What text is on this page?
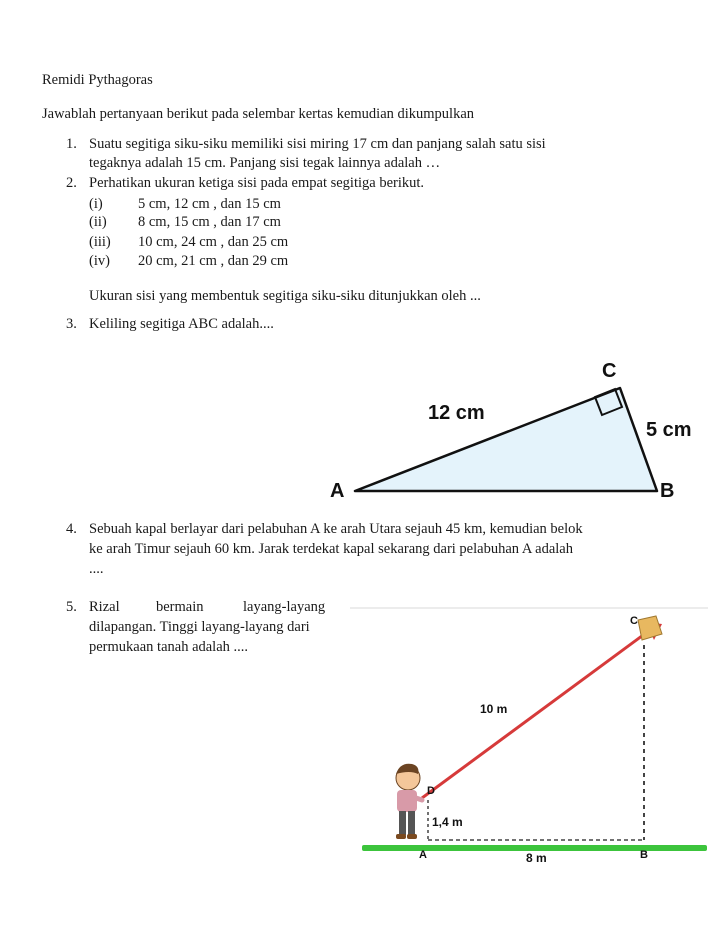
Remidi Pythagoras
Jawablah pertanyaan berikut pada selembar kertas kemudian dikumpulkan
1. Suatu segitiga siku-siku memiliki sisi miring 17 cm dan panjang salah satu sisi
tegaknya adalah 15 cm. Panjang sisi tegak lainnya adalah …
2. Perhatikan ukuran ketiga sisi pada empat segitiga berikut.
(i) 5 cm, 12 cm , dan 15 cm
(ii) 8 cm, 15 cm , dan 17 cm
(iii) 10 cm, 24 cm , dan 25 cm
(iv) 20 cm, 21 cm , dan 29 cm
Ukuran sisi yang membentuk segitiga siku-siku ditunjukkan oleh ...
3. Keliling segitiga ABC adalah....
C
A	B
12 cm
5 cm
4. Sebuah kapal berlayar dari pelabuhan A ke arah Utara sejauh 45 km, kemudian belok
ke arah Timur sejauh 60 km. Jarak terdekat kapal sekarang dari pelabuhan A adalah
....
5. Rizal	bermain	layang-layang
dilapangan. Tinggi layang-layang dari
permukaan tanah adalah ....
C
D
A	B
10 m
1,4 m
8 m
